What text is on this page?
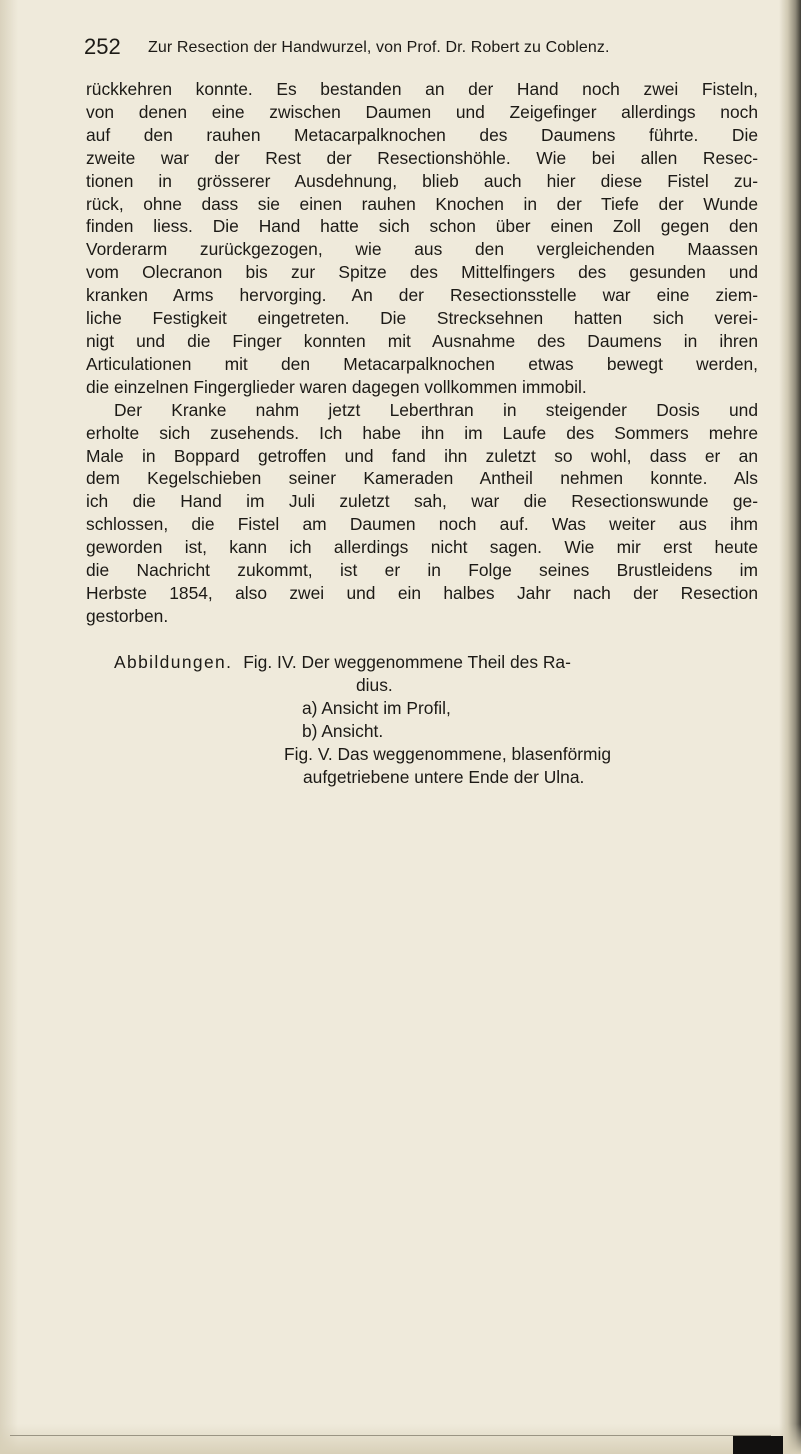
252 Zur Resection der Handwurzel, von Prof. Dr. Robert zu Coblenz.
rückkehren konnte. Es bestanden an der Hand noch zwei Fisteln,
von denen eine zwischen Daumen und Zeigefinger allerdings noch
auf den rauhen Metacarpalknochen des Daumens führte. Die
zweite war der Rest der Resectionshöhle. Wie bei allen Resec-
tionen in grösserer Ausdehnung, blieb auch hier diese Fistel zu-
rück, ohne dass sie einen rauhen Knochen in der Tiefe der Wunde
finden liess. Die Hand hatte sich schon über einen Zoll gegen den
Vorderarm zurückgezogen, wie aus den vergleichenden Maassen
vom Olecranon bis zur Spitze des Mittelfingers des gesunden und
kranken Arms hervorging. An der Resectionsstelle war eine ziem-
liche Festigkeit eingetreten. Die Strecksehnen hatten sich verei-
nigt und die Finger konnten mit Ausnahme des Daumens in ihren
Articulationen mit den Metacarpalknochen etwas bewegt werden,
die einzelnen Fingerglieder waren dagegen vollkommen immobil.
Der Kranke nahm jetzt Leberthran in steigender Dosis und
erholte sich zusehends. Ich habe ihn im Laufe des Sommers mehre
Male in Boppard getroffen und fand ihn zuletzt so wohl, dass er an
dem Kegelschieben seiner Kameraden Antheil nehmen konnte. Als
ich die Hand im Juli zuletzt sah, war die Resectionswunde ge-
schlossen, die Fistel am Daumen noch auf. Was weiter aus ihm
geworden ist, kann ich allerdings nicht sagen. Wie mir erst heute
die Nachricht zukommt, ist er in Folge seines Brustleidens im
Herbste 1854, also zwei und ein halbes Jahr nach der Resection
gestorben.
Abbildungen. Fig. IV. Der weggenommene Theil des Ra-
dius.
a) Ansicht im Profil,
b) Ansicht.
Fig. V. Das weggenommene, blasenförmig
aufgetriebene untere Ende der Ulna.
